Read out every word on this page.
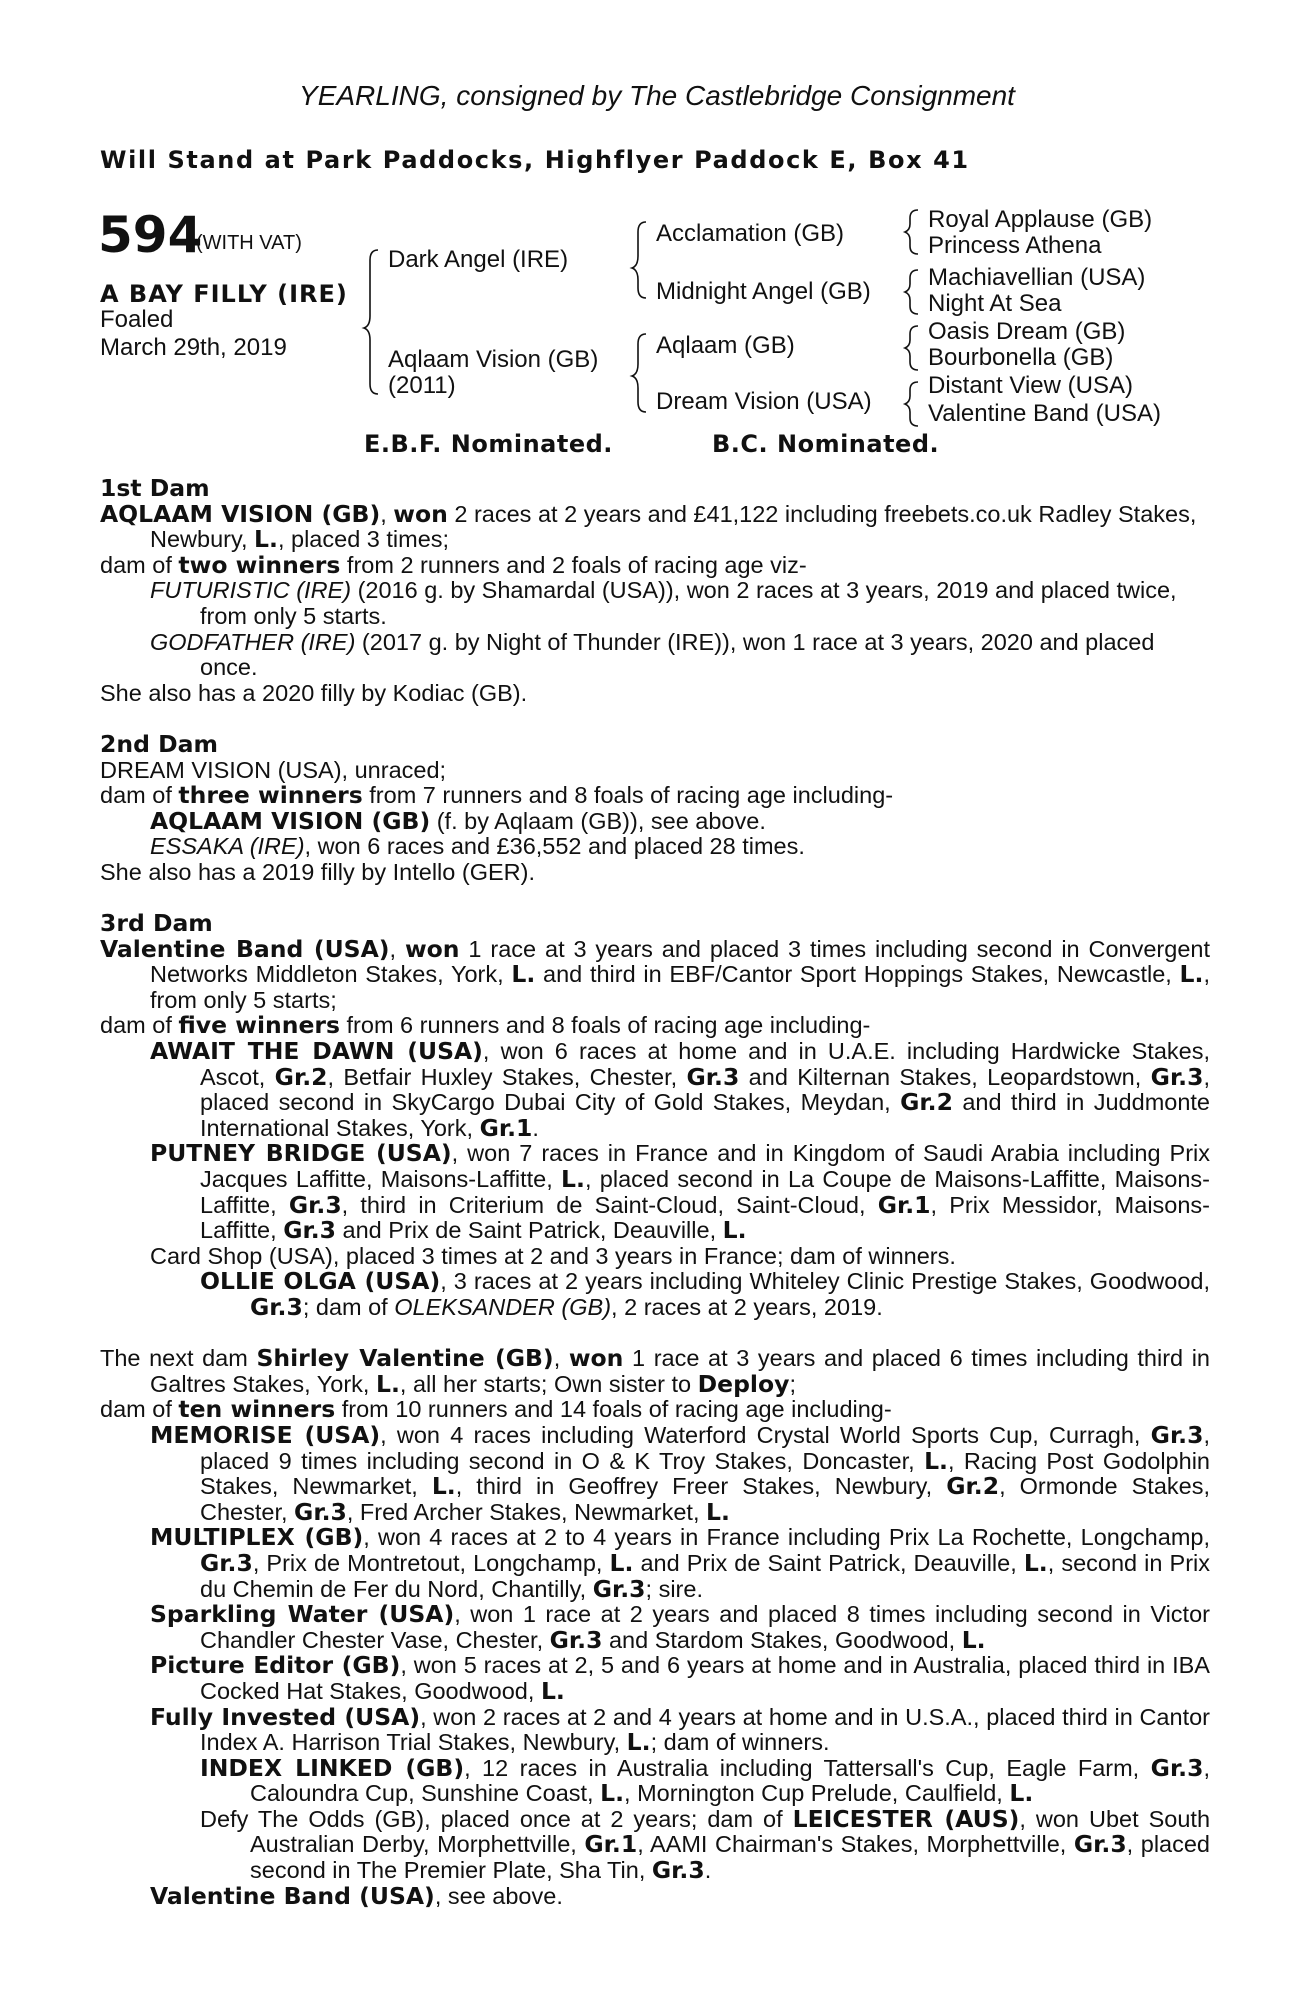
YEARLING, consigned by The Castlebridge Consignment
Will Stand at Park Paddocks, Highflyer Paddock E, Box 41
594
(WITH VAT)
A BAY FILLY (IRE)
Foaled
March 29th, 2019
Dark Angel (IRE)
Aqlaam Vision (GB)
(2011)
Acclamation (GB)
Midnight Angel (GB)
Aqlaam (GB)
Dream Vision (USA)
Royal Applause (GB)
Princess Athena
Machiavellian (USA)
Night At Sea
Oasis Dream (GB)
Bourbonella (GB)
Distant View (USA)
Valentine Band (USA)
E.B.F. Nominated.	B.C. Nominated.

1st Dam

AQLAAM VISION (GB), won 2 races at 2 years and £41,122 including freebets.co.uk Radley Stakes, Newbury, L., placed 3 times;

dam of two winners from 2 runners and 2 foals of racing age viz-

FUTURISTIC (IRE) (2016 g. by Shamardal (USA)), won 2 races at 3 years, 2019 and placed twice, from only 5 starts.

GODFATHER (IRE) (2017 g. by Night of Thunder (IRE)), won 1 race at 3 years, 2020 and placed once.

She also has a 2020 filly by Kodiac (GB).

2nd Dam

DREAM VISION (USA), unraced;

dam of three winners from 7 runners and 8 foals of racing age including-

AQLAAM VISION (GB) (f. by Aqlaam (GB)), see above.

ESSAKA (IRE), won 6 races and £36,552 and placed 28 times.

She also has a 2019 filly by Intello (GER).

3rd Dam

Valentine Band (USA), won 1 race at 3 years and placed 3 times including second in Convergent Networks Middleton Stakes, York, L. and third in EBF/Cantor Sport Hoppings Stakes, Newcastle, L., from only 5 starts;

dam of five winners from 6 runners and 8 foals of racing age including-

AWAIT THE DAWN (USA), won 6 races at home and in U.A.E. including Hardwicke Stakes, Ascot, Gr.2, Betfair Huxley Stakes, Chester, Gr.3 and Kilternan Stakes, Leopardstown, Gr.3, placed second in SkyCargo Dubai City of Gold Stakes, Meydan, Gr.2 and third in Juddmonte International Stakes, York, Gr.1.

PUTNEY BRIDGE (USA), won 7 races in France and in Kingdom of Saudi Arabia including Prix Jacques Laffitte, Maisons-Laffitte, L., placed second in La Coupe de Maisons-Laffitte, Maisons-Laffitte, Gr.3, third in Criterium de Saint-Cloud, Saint-Cloud, Gr.1, Prix Messidor, Maisons-Laffitte, Gr.3 and Prix de Saint Patrick, Deauville, L.

Card Shop (USA), placed 3 times at 2 and 3 years in France; dam of winners.

OLLIE OLGA (USA), 3 races at 2 years including Whiteley Clinic Prestige Stakes, Goodwood, Gr.3; dam of OLEKSANDER (GB), 2 races at 2 years, 2019.

The next dam Shirley Valentine (GB), won 1 race at 3 years and placed 6 times including third in Galtres Stakes, York, L., all her starts; Own sister to Deploy;

dam of ten winners from 10 runners and 14 foals of racing age including-

MEMORISE (USA), won 4 races including Waterford Crystal World Sports Cup, Curragh, Gr.3, placed 9 times including second in O & K Troy Stakes, Doncaster, L., Racing Post Godolphin Stakes, Newmarket, L., third in Geoffrey Freer Stakes, Newbury, Gr.2, Ormonde Stakes, Chester, Gr.3, Fred Archer Stakes, Newmarket, L.

MULTIPLEX (GB), won 4 races at 2 to 4 years in France including Prix La Rochette, Longchamp, Gr.3, Prix de Montretout, Longchamp, L. and Prix de Saint Patrick, Deauville, L., second in Prix du Chemin de Fer du Nord, Chantilly, Gr.3; sire.

Sparkling Water (USA), won 1 race at 2 years and placed 8 times including second in Victor Chandler Chester Vase, Chester, Gr.3 and Stardom Stakes, Goodwood, L.

Picture Editor (GB), won 5 races at 2, 5 and 6 years at home and in Australia, placed third in IBA Cocked Hat Stakes, Goodwood, L.

Fully Invested (USA), won 2 races at 2 and 4 years at home and in U.S.A., placed third in Cantor Index A. Harrison Trial Stakes, Newbury, L.; dam of winners.

INDEX LINKED (GB), 12 races in Australia including Tattersall's Cup, Eagle Farm, Gr.3, Caloundra Cup, Sunshine Coast, L., Mornington Cup Prelude, Caulfield, L.

Defy The Odds (GB), placed once at 2 years; dam of LEICESTER (AUS), won Ubet South Australian Derby, Morphettville, Gr.1, AAMI Chairman's Stakes, Morphettville, Gr.3, placed second in The Premier Plate, Sha Tin, Gr.3.

Valentine Band (USA), see above.
